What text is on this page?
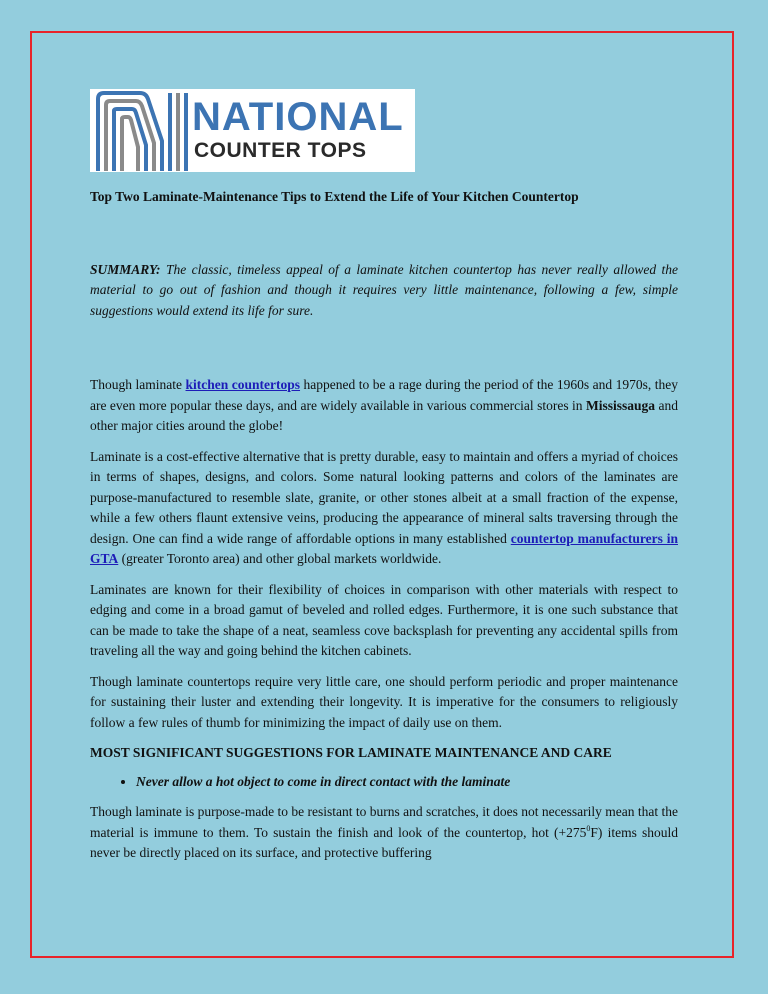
NATIONAL
COUNTER TOPS

Top Two Laminate-Maintenance Tips to Extend the Life of Your Kitchen Countertop

SUMMARY: The classic, timeless appeal of a laminate kitchen countertop has never really allowed the material to go out of fashion and though it requires very little maintenance, following a few, simple suggestions would extend its life for sure.

Though laminate kitchen countertops happened to be a rage during the period of the 1960s and 1970s, they are even more popular these days, and are widely available in various commercial stores in Mississauga and other major cities around the globe!

Laminate is a cost-effective alternative that is pretty durable, easy to maintain and offers a myriad of choices in terms of shapes, designs, and colors. Some natural looking patterns and colors of the laminates are purpose-manufactured to resemble slate, granite, or other stones albeit at a small fraction of the expense, while a few others flaunt extensive veins, producing the appearance of mineral salts traversing through the design. One can find a wide range of affordable options in many established countertop manufacturers in GTA (greater Toronto area) and other global markets worldwide.

Laminates are known for their flexibility of choices in comparison with other materials with respect to edging and come in a broad gamut of beveled and rolled edges. Furthermore, it is one such substance that can be made to take the shape of a neat, seamless cove backsplash for preventing any accidental spills from traveling all the way and going behind the kitchen cabinets.

Though laminate countertops require very little care, one should perform periodic and proper maintenance for sustaining their luster and extending their longevity. It is imperative for the consumers to religiously follow a few rules of thumb for minimizing the impact of daily use on them.

MOST SIGNIFICANT SUGGESTIONS FOR LAMINATE MAINTENANCE AND CARE

• Never allow a hot object to come in direct contact with the laminate

Though laminate is purpose-made to be resistant to burns and scratches, it does not necessarily mean that the material is immune to them. To sustain the finish and look of the countertop, hot $(+275^0F)$ items should never be directly placed on its surface, and protective buffering
